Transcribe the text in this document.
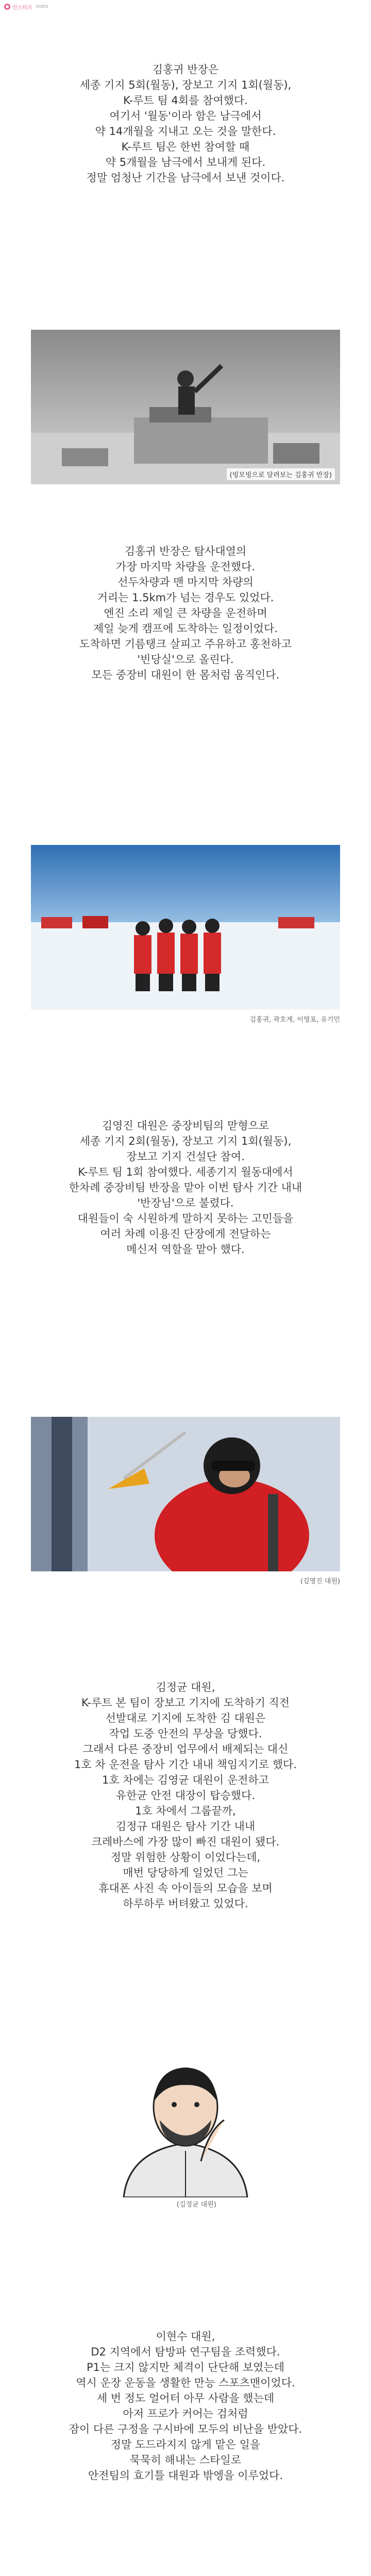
인스티즈 instiz

김홍귀 반장은
세종 기지 5회(월동), 장보고 기지 1회(월동),
K-루트 팀 4회를 참여했다.
여기서 '월동'이라 함은 남극에서
약 14개월을 지내고 오는 것을 말한다.
K-루트 팀은 한번 참여할 때
약 5개월을 남극에서 보내게 된다.
정말 엄청난 기간을 남극에서 보낸 것이다.

(빙모빙으로 달려보는 김홍귀 반장)

김홍귀 반장은 탐사대열의
가장 마지막 차량을 운전했다.
선두차량과 맨 마지막 차량의
거리는 1.5km가 넘는 경우도 있었다.
엔진 소리 제일 큰 차량을 운전하며
제일 늦게 캠프에 도착하는 일정이었다.
도착하면 기름탱크 살피고 주유하고 홍천하고
'빈당실'으로 올린다.
모든 중장비 대원이 한 몸처럼 움직인다.

김홍귀, 곽호계, 이영포, 유기민

김영진 대원은 중장비팀의 맏형으로
세종 기지 2회(월동), 장보고 기지 1회(월동),
장보고 기지 건설단 참여.
K-루트 팀 1회 참여했다. 세종기지 월동대에서
한차례 중장비팀 반장을 맡아 이번 탐사 기간 내내
'반장님'으로 불렸다.
대원들이 숙 시원하게 말하지 못하는 고민들을
여러 차례 이용진 단장에게 전달하는
메신저 역할을 맡아 했다.

(김영진 대원)

김정균 대원,
K-루트 본 팀이 장보고 기지에 도착하기 직전
선발대로 기지에 도착한 김 대원은
작업 도중 안전의 무상을 당했다.
그래서 다른 중장비 업무에서 배제되는 대신
1호 차 운전을 탐사 기간 내내 책임지기로 했다.
1호 차에는 김영균 대원이 운전하고
유한균 안전 대장이 탑승했다.
1호 차에서 그룹끝까,
김정규 대원은 탐사 기간 내내
크레바스에 가장 많이 빠진 대원이 됐다.
정말 위험한 상황이 이었다는데,
매번 당당하게 일었던 그는
휴대폰 사진 속 아이들의 모습을 보며
하루하루 버텨왔고 있었다.

(김정균 대원)

이현수 대원,
D2 지역에서 탐방파 연구팀을 조력했다.
P1는 크지 않지만 체격이 단단해 보였는데
역시 운장 운동을 생활한 만능 스포츠맨이었다.
세 번 정도 얼어터 아무 사람을 했는데
아저 프로가 커어는 검처럼
잠이 다른 구정을 구시바에 모두의 비난을 받았다.
정말 도드라지지 않게 맡은 일을
묵묵히 해내는 스타일로
안전팀의 효기틀 대원과 밖엥을 이루었다.
